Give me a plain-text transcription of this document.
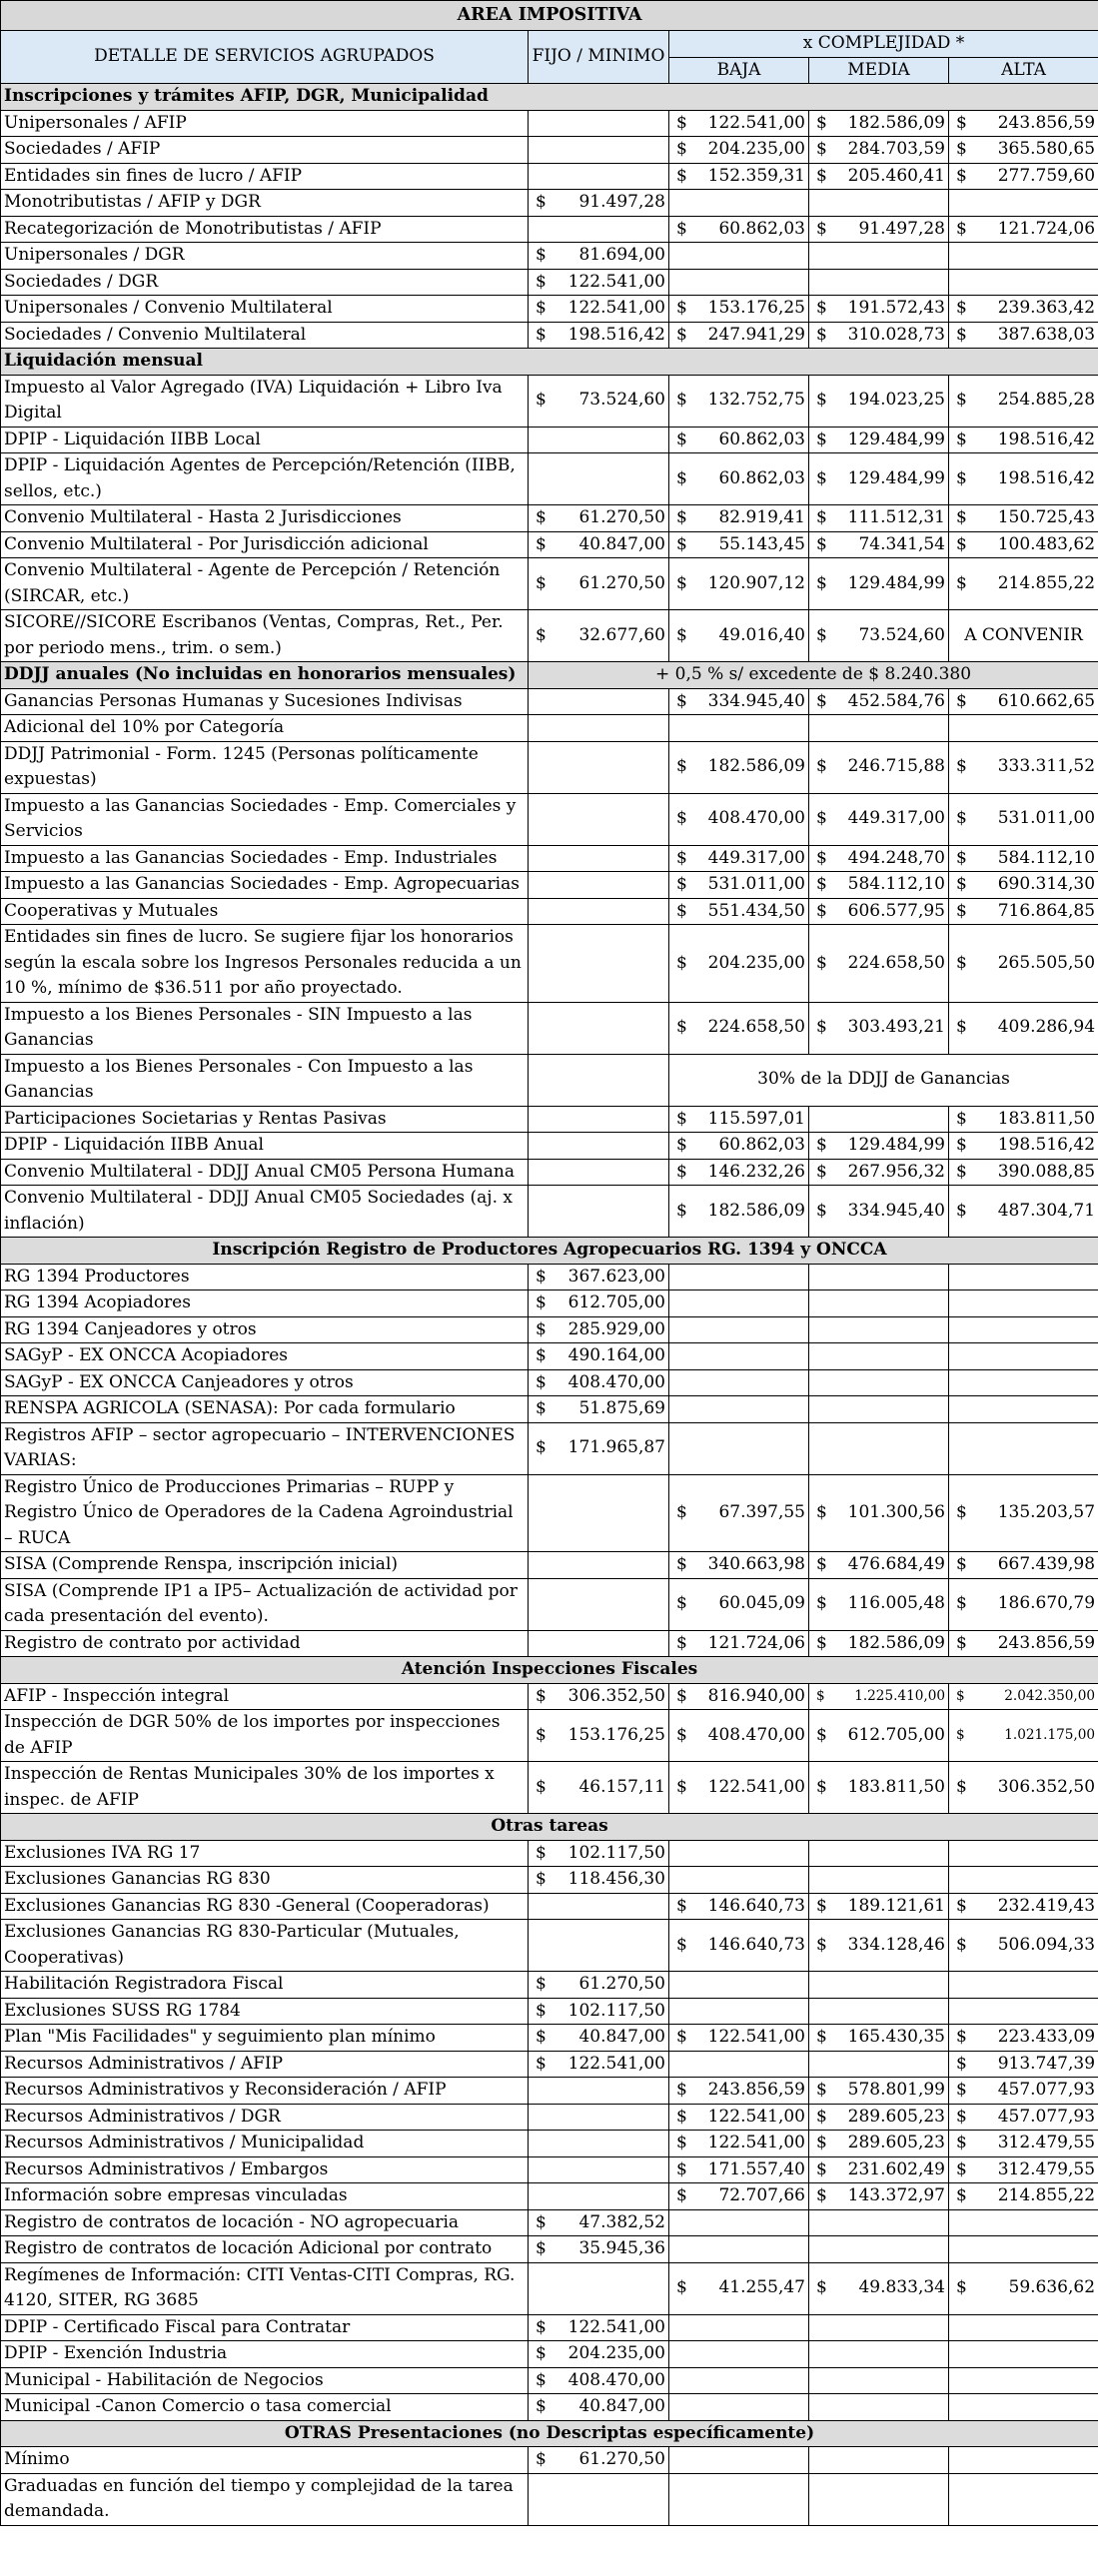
AREA IMPOSITIVA				
DETALLE DE SERVICIOS AGRUPADOS	FIJO / MINIMO	x COMPLEJIDAD *		
		BAJA	MEDIA	ALTA
Inscripciones y trámites AFIP, DGR, Municipalidad				
Unipersonales / AFIP		$ 122.541,00	$ 182.586,09	$ 243.856,59
Sociedades / AFIP		$ 204.235,00	$ 284.703,59	$ 365.580,65
Entidades sin fines de lucro / AFIP		$ 152.359,31	$ 205.460,41	$ 277.759,60
Monotributistas / AFIP y DGR	$ 91.497,28			
Recategorización de Monotributistas / AFIP		$ 60.862,03	$ 91.497,28	$ 121.724,06
Unipersonales / DGR	$ 81.694,00			
Sociedades / DGR	$ 122.541,00			
Unipersonales / Convenio Multilateral	$ 122.541,00	$ 153.176,25	$ 191.572,43	$ 239.363,42
Sociedades / Convenio Multilateral	$ 198.516,42	$ 247.941,29	$ 310.028,73	$ 387.638,03
Liquidación mensual				
Impuesto al Valor Agregado (IVA) Liquidación + Libro Iva Digital	$ 73.524,60	$ 132.752,75	$ 194.023,25	$ 254.885,28
DPIP - Liquidación IIBB Local		$ 60.862,03	$ 129.484,99	$ 198.516,42
DPIP - Liquidación Agentes de Percepción/Retención (IIBB, sellos, etc.)		$ 60.862,03	$ 129.484,99	$ 198.516,42
Convenio Multilateral - Hasta 2 Jurisdicciones	$ 61.270,50	$ 82.919,41	$ 111.512,31	$ 150.725,43
Convenio Multilateral - Por Jurisdicción adicional	$ 40.847,00	$ 55.143,45	$ 74.341,54	$ 100.483,62
Convenio Multilateral - Agente de Percepción / Retención (SIRCAR, etc.)	$ 61.270,50	$ 120.907,12	$ 129.484,99	$ 214.855,22
SICORE//SICORE Escribanos (Ventas, Compras, Ret., Per. por periodo mens., trim. o sem.)	$ 32.677,60	$ 49.016,40	$ 73.524,60	A CONVENIR
DDJJ anuales (No incluidas en honorarios mensuales)	+ 0,5 % s/ excedente de $ 8.240.380			
Ganancias Personas Humanas y Sucesiones Indivisas		$ 334.945,40	$ 452.584,76	$ 610.662,65
Adicional del 10% por Categoría				
DDJJ Patrimonial - Form. 1245 (Personas políticamente expuestas)		$ 182.586,09	$ 246.715,88	$ 333.311,52
Impuesto a las Ganancias Sociedades - Emp. Comerciales y Servicios		$ 408.470,00	$ 449.317,00	$ 531.011,00
Impuesto a las Ganancias Sociedades - Emp. Industriales		$ 449.317,00	$ 494.248,70	$ 584.112,10
Impuesto a las Ganancias Sociedades - Emp. Agropecuarias		$ 531.011,00	$ 584.112,10	$ 690.314,30
Cooperativas y Mutuales		$ 551.434,50	$ 606.577,95	$ 716.864,85
Entidades sin fines de lucro. Se sugiere fijar los honorarios según la escala sobre los Ingresos Personales reducida a un 10 %, mínimo de $36.511 por año proyectado.		$ 204.235,00	$ 224.658,50	$ 265.505,50
Impuesto a los Bienes Personales - SIN Impuesto a las Ganancias		$ 224.658,50	$ 303.493,21	$ 409.286,94
Impuesto a los Bienes Personales - Con Impuesto a las Ganancias		30% de la DDJJ de Ganancias		
Participaciones Societarias y Rentas Pasivas		$ 115.597,01		$ 183.811,50
DPIP - Liquidación IIBB Anual		$ 60.862,03	$ 129.484,99	$ 198.516,42
Convenio Multilateral - DDJJ Anual CM05 Persona Humana		$ 146.232,26	$ 267.956,32	$ 390.088,85
Convenio Multilateral - DDJJ Anual CM05 Sociedades (aj. x inflación)		$ 182.586,09	$ 334.945,40	$ 487.304,71
Inscripción Registro de Productores Agropecuarios RG. 1394 y ONCCA				
RG 1394 Productores	$ 367.623,00			
RG 1394 Acopiadores	$ 612.705,00			
RG 1394 Canjeadores y otros	$ 285.929,00			
SAGyP - EX ONCCA Acopiadores	$ 490.164,00			
SAGyP - EX ONCCA Canjeadores y otros	$ 408.470,00			
RENSPA AGRICOLA (SENASA): Por cada formulario	$ 51.875,69			
Registros AFIP – sector agropecuario – INTERVENCIONES VARIAS:	$ 171.965,87			
Registro Único de Producciones Primarias – RUPP y Registro Único de Operadores de la Cadena Agroindustrial – RUCA		$ 67.397,55	$ 101.300,56	$ 135.203,57
SISA (Comprende Renspa, inscripción inicial)		$ 340.663,98	$ 476.684,49	$ 667.439,98
SISA (Comprende IP1 a IP5– Actualización de actividad por cada presentación del evento).		$ 60.045,09	$ 116.005,48	$ 186.670,79
Registro de contrato por actividad		$ 121.724,06	$ 182.586,09	$ 243.856,59
Atención Inspecciones Fiscales				
AFIP - Inspección integral	$ 306.352,50	$ 816.940,00	$ 1.225.410,00	$ 2.042.350,00
Inspección de DGR 50% de los importes por inspecciones de AFIP	$ 153.176,25	$ 408.470,00	$ 612.705,00	$ 1.021.175,00
Inspección de Rentas Municipales 30% de los importes x inspec. de AFIP	$ 46.157,11	$ 122.541,00	$ 183.811,50	$ 306.352,50
Otras tareas				
Exclusiones IVA RG 17	$ 102.117,50			
Exclusiones Ganancias RG 830	$ 118.456,30			
Exclusiones Ganancias RG 830 -General (Cooperadoras)		$ 146.640,73	$ 189.121,61	$ 232.419,43
Exclusiones Ganancias RG 830-Particular (Mutuales, Cooperativas)		$ 146.640,73	$ 334.128,46	$ 506.094,33
Habilitación Registradora Fiscal	$ 61.270,50			
Exclusiones SUSS RG 1784	$ 102.117,50			
Plan "Mis Facilidades" y seguimiento plan mínimo	$ 40.847,00	$ 122.541,00	$ 165.430,35	$ 223.433,09
Recursos Administrativos / AFIP	$ 122.541,00			$ 913.747,39
Recursos Administrativos y Reconsideración / AFIP		$ 243.856,59	$ 578.801,99	$ 457.077,93
Recursos Administrativos / DGR		$ 122.541,00	$ 289.605,23	$ 457.077,93
Recursos Administrativos / Municipalidad		$ 122.541,00	$ 289.605,23	$ 312.479,55
Recursos Administrativos / Embargos		$ 171.557,40	$ 231.602,49	$ 312.479,55
Información sobre empresas vinculadas		$ 72.707,66	$ 143.372,97	$ 214.855,22
Registro de contratos de locación - NO agropecuaria	$ 47.382,52			
Registro de contratos de locación Adicional por contrato	$ 35.945,36			
Regímenes de Información: CITI Ventas-CITI Compras, RG. 4120, SITER, RG 3685		$ 41.255,47	$ 49.833,34	$ 59.636,62
DPIP - Certificado Fiscal para Contratar	$ 122.541,00			
DPIP - Exención Industria	$ 204.235,00			
Municipal - Habilitación de Negocios	$ 408.470,00			
Municipal -Canon Comercio o tasa comercial	$ 40.847,00			
OTRAS Presentaciones (no Descriptas específicamente)				
Mínimo	$ 61.270,50			
Graduadas en función del tiempo y complejidad de la tarea demandada.				
